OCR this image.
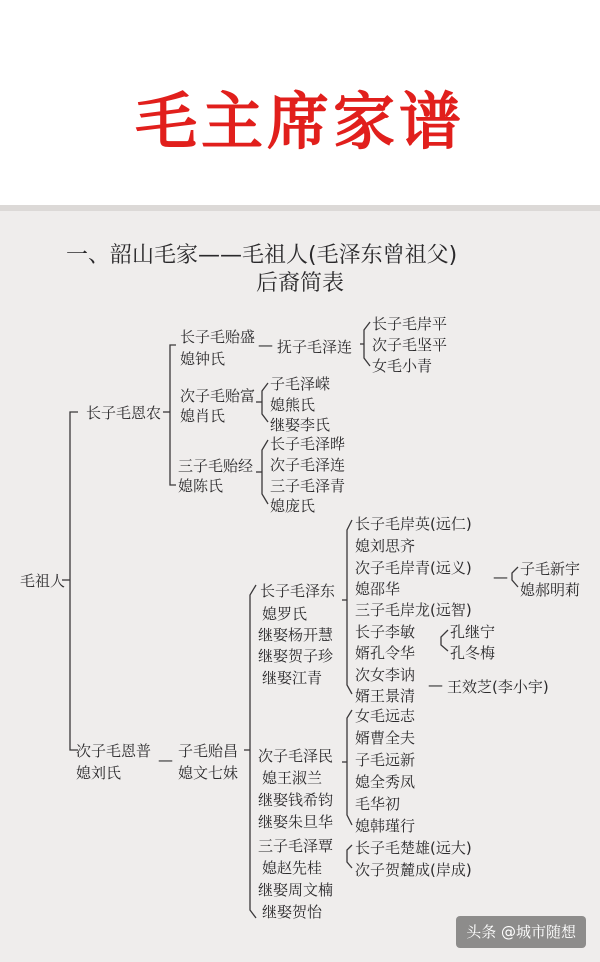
毛主席家谱
一、韶山毛家——毛祖人(毛泽东曾祖父)
后裔简表
毛祖人
长子毛恩农
长子毛贻盛
媳钟氏
— 抚子毛泽连
长子毛岸平
次子毛坚平
女毛小青
次子毛贻富
媳肖氏
子毛泽嵘
媳熊氏
继娶李氏
三子毛贻经
媳陈氏
长子毛泽晔
次子毛泽连
三子毛泽青
媳庞氏
次子毛恩普
媳刘氏
— 子毛贻昌
媳文七妹
长子毛泽东
媳罗氏
继娶杨开慧
继娶贺子珍
继娶江青
长子毛岸英(远仁)
媳刘思齐
次子毛岸青(远义)
媳邵华
三子毛岸龙(远智)
长子李敏
婿孔令华
次女李讷
婿王景清
— 子毛新宇
媳郝明莉
孔继宁
孔冬梅
— 王效芝(李小宇)
次子毛泽民
媳王淑兰
继娶钱希钧
继娶朱旦华
女毛远志
婿曹全夫
子毛远新
媳全秀凤
毛华初
媳韩瑾行
三子毛泽覃
媳赵先桂
继娶周文楠
继娶贺怡
长子毛楚雄(远大)
次子贺麓成(岸成)
头条 @城市随想
